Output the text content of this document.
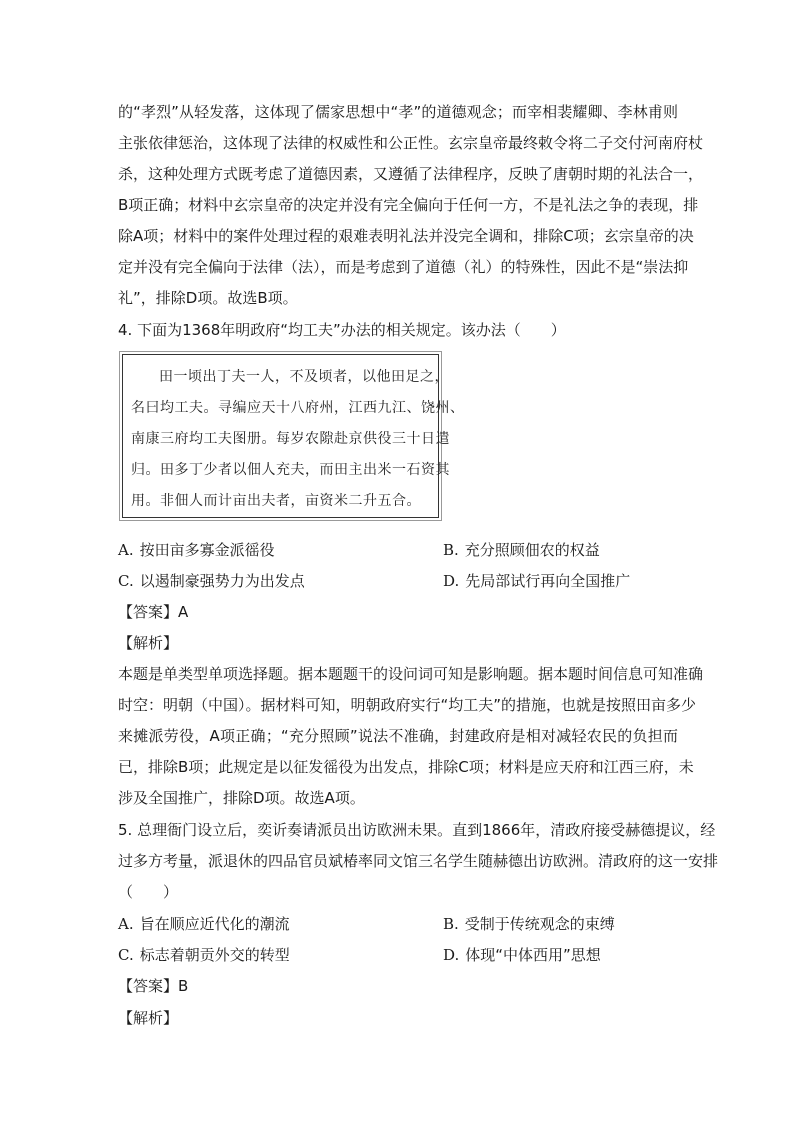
的“孝烈”从轻发落，这体现了儒家思想中“孝”的道德观念；而宰相裴耀卿、李林甫则
主张依律惩治，这体现了法律的权威性和公正性。玄宗皇帝最终敕令将二子交付河南府杖
杀，这种处理方式既考虑了道德因素，又遵循了法律程序，反映了唐朝时期的礼法合一，
B项正确；材料中玄宗皇帝的决定并没有完全偏向于任何一方，不是礼法之争的表现，排
除A项；材料中的案件处理过程的艰难表明礼法并没完全调和，排除C项；玄宗皇帝的决
定并没有完全偏向于法律（法），而是考虑到了道德（礼）的特殊性，因此不是“崇法抑
礼”，排除D项。故选B项。
4. 下面为1368年明政府“均工夫”办法的相关规定。该办法（　　）
田一顷出丁夫一人，不及顷者，以他田足之，
名曰均工夫。寻编应天十八府州，江西九江、饶州、
南康三府均工夫图册。每岁农隙赴京供役三十日遣
归。田多丁少者以佃人充夫，而田主出米一石资其
用。非佃人而计亩出夫者，亩资米二升五合。
A. 按田亩多寡金派徭役	B. 充分照顾佃农的权益
C. 以遏制豪强势力为出发点	D. 先局部试行再向全国推广
【答案】A
【解析】
本题是单类型单项选择题。据本题题干的设问词可知是影响题。据本题时间信息可知准确
时空：明朝（中国）。据材料可知，明朝政府实行“均工夫”的措施，也就是按照田亩多少
来摊派劳役，A项正确；“充分照顾”说法不准确，封建政府是相对减轻农民的负担而
已，排除B项；此规定是以征发徭役为出发点，排除C项；材料是应天府和江西三府，未
涉及全国推广，排除D项。故选A项。
5. 总理衙门设立后，奕䜣奏请派员出访欧洲未果。直到1866年，清政府接受赫德提议，经
过多方考量，派退休的四品官员斌椿率同文馆三名学生随赫德出访欧洲。清政府的这一安排
（　　）
A. 旨在顺应近代化的潮流	B. 受制于传统观念的束缚
C. 标志着朝贡外交的转型	D. 体现“中体西用”思想
【答案】B
【解析】
